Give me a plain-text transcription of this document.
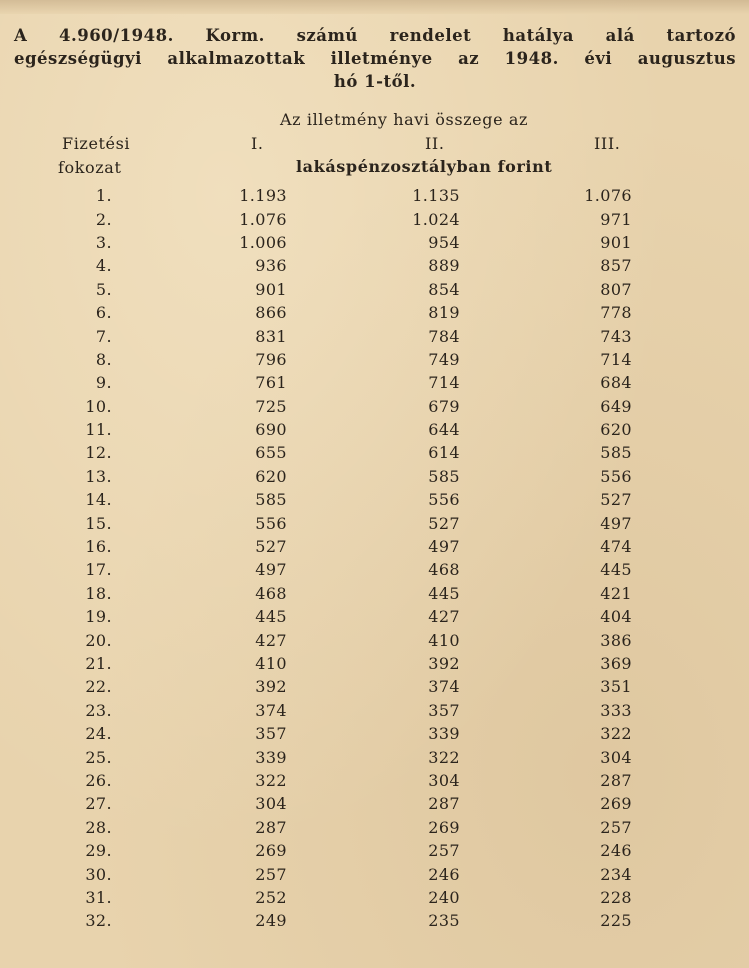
A 4.960/1948. Korm. számú rendelet hatálya alá tartozó
egészségügyi alkalmazottak illetménye az 1948. évi augusztus
hó 1-től.
Az illetmény havi összege az
Fizetési	I.	II.	III.
fokozat	lakáspénzosztályban forint
1.	1.193	1.135	1.076	
2.	1.076	1.024	971	
3.	1.006	954	901	
4.	936	889	857	
5.	901	854	807	
6.	866	819	778	
7.	831	784	743	
8.	796	749	714	
9.	761	714	684	
10.	725	679	649	
11.	690	644	620	
12.	655	614	585	
13.	620	585	556	
14.	585	556	527	
15.	556	527	497	
16.	527	497	474	
17.	497	468	445	
18.	468	445	421	
19.	445	427	404	
20.	427	410	386	
21.	410	392	369	
22.	392	374	351	
23.	374	357	333	
24.	357	339	322	
25.	339	322	304	
26.	322	304	287	
27.	304	287	269	
28.	287	269	257	
29.	269	257	246	
30.	257	246	234	
31.	252	240	228	
32.	249	235	225	
